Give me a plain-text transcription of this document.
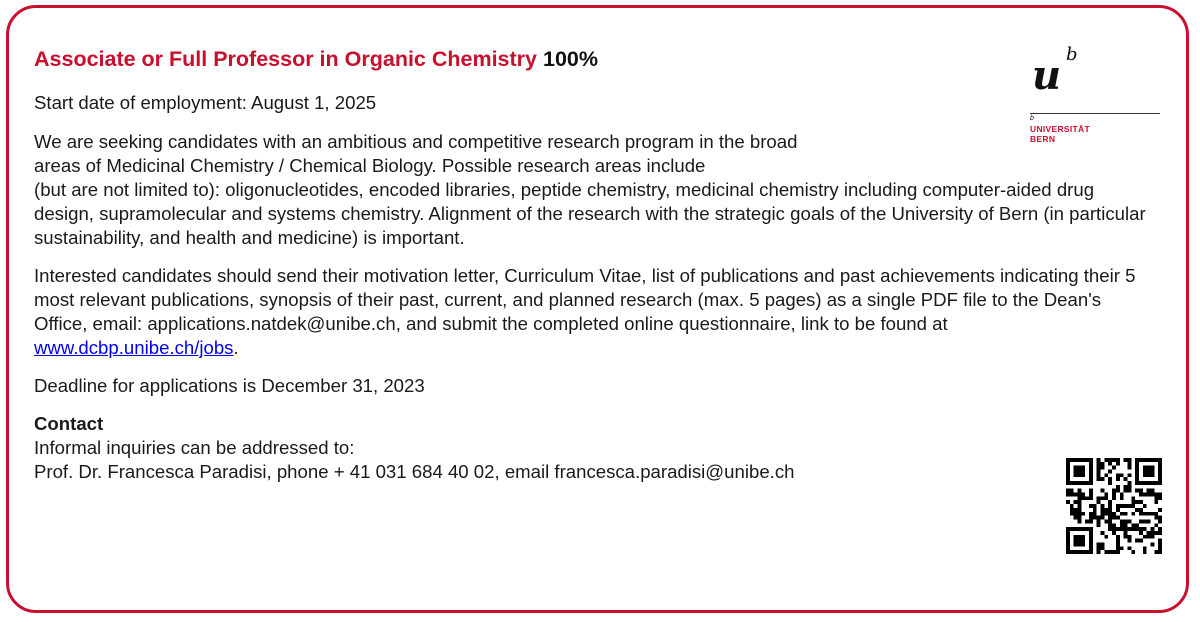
Associate or Full Professor in Organic Chemistry 100%

Start date of employment: August 1, 2025

We are seeking candidates with an ambitious and competitive research program in the broad

areas of Medicinal Chemistry / Chemical Biology. Possible research areas include

(but are not limited to): oligonucleotides, encoded libraries, peptide chemistry, medicinal chemistry including computer-aided drug design, supramolecular and systems chemistry. Alignment of the research with the strategic goals of the University of Bern (in particular sustainability, and health and medicine) is important.

Interested candidates should send their motivation letter, Curriculum Vitae, list of publications and past achievements indicating their 5 most relevant publications, synopsis of their past, current, and planned research (max. 5 pages) as a single PDF file to the Dean's Office, email: applications.natdek@unibe.ch, and submit the completed online questionnaire, link to be found at www.dcbp.unibe.ch/jobs.

Deadline for applications is December 31, 2023

Contact

Informal inquiries can be addressed to:

Prof. Dr. Francesca Paradisi, phone + 41 031 684 40 02, email francesca.paradisi@unibe.ch

u b
b
UNIVERSITÄT
BERN
